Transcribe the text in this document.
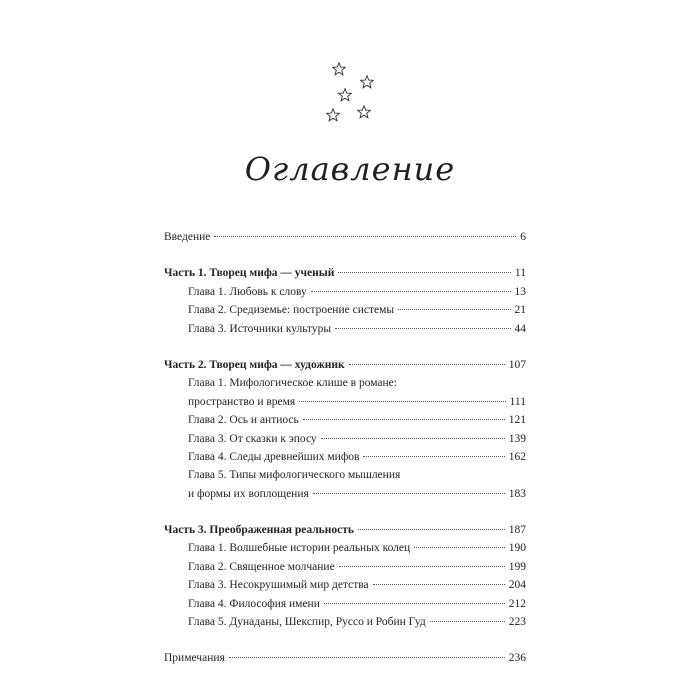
Оглавление
Введение	6
Часть 1. Творец мифа — ученый	11
Глава 1. Любовь к слову	13
Глава 2. Средиземье: построение системы	21
Глава 3. Источники культуры	44
Часть 2. Творец мифа — художник	107
Глава 1. Мифологическое клише в романе:
пространство и время	111
Глава 2. Ось и антиось	121
Глава 3. От сказки к эпосу	139
Глава 4. Следы древнейших мифов	162
Глава 5. Типы мифологического мышления
и формы их воплощения	183
Часть 3. Преображенная реальность	187
Глава 1. Волшебные истории реальных колец	190
Глава 2. Священное молчание	199
Глава 3. Несокрушимый мир детства	204
Глава 4. Философия имени	212
Глава 5. Дунаданы, Шекспир, Руссо и Робин Гуд	223
Примечания	236
